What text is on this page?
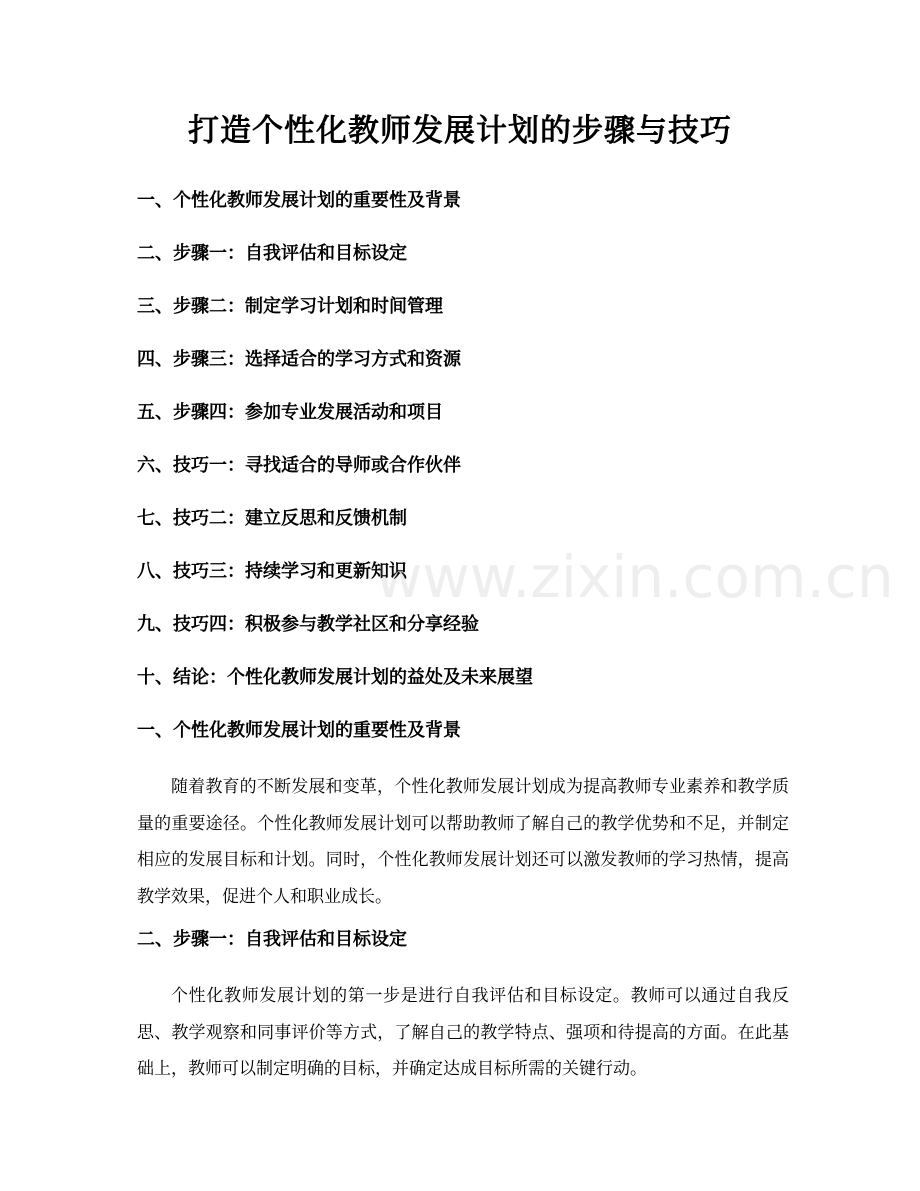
打造个性化教师发展计划的步骤与技巧
一、个性化教师发展计划的重要性及背景
二、步骤一：自我评估和目标设定
三、步骤二：制定学习计划和时间管理
四、步骤三：选择适合的学习方式和资源
五、步骤四：参加专业发展活动和项目
六、技巧一：寻找适合的导师或合作伙伴
七、技巧二：建立反思和反馈机制
八、技巧三：持续学习和更新知识
九、技巧四：积极参与教学社区和分享经验
十、结论：个性化教师发展计划的益处及未来展望
一、个性化教师发展计划的重要性及背景

随着教育的不断发展和变革，个性化教师发展计划成为提高教师专业素养和教学质量的重要途径。个性化教师发展计划可以帮助教师了解自己的教学优势和不足，并制定相应的发展目标和计划。同时，个性化教师发展计划还可以激发教师的学习热情，提高教学效果，促进个人和职业成长。

二、步骤一：自我评估和目标设定

个性化教师发展计划的第一步是进行自我评估和目标设定。教师可以通过自我反思、教学观察和同事评价等方式，了解自己的教学特点、强项和待提高的方面。在此基础上，教师可以制定明确的目标，并确定达成目标所需的关键行动。

www.zixin.com.cn
